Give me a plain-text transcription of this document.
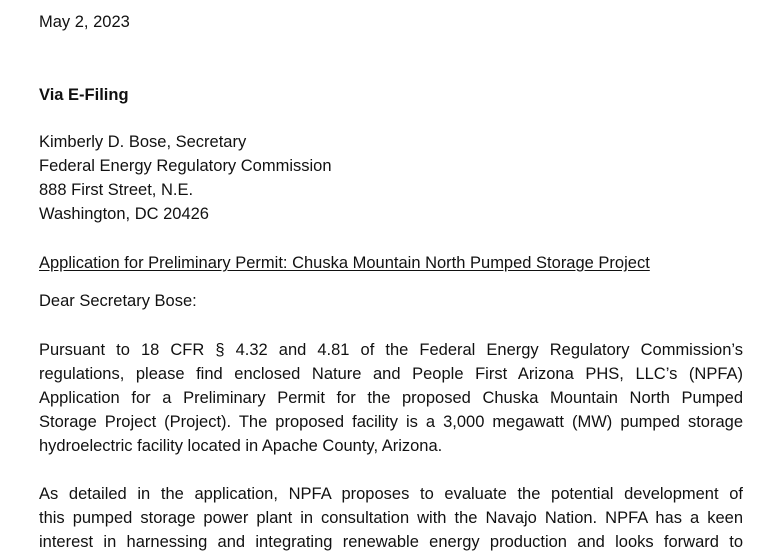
May 2, 2023
Via E-Filing
Kimberly D. Bose, Secretary
Federal Energy Regulatory Commission
888 First Street, N.E.
Washington, DC 20426
Application for Preliminary Permit: Chuska Mountain North Pumped Storage Project
Dear Secretary Bose:
Pursuant to 18 CFR § 4.32 and 4.81 of the Federal Energy Regulatory Commission’s
regulations, please find enclosed Nature and People First Arizona PHS, LLC’s (NPFA)
Application for a Preliminary Permit for the proposed Chuska Mountain North Pumped
Storage Project (Project). The proposed facility is a 3,000 megawatt (MW) pumped storage
hydroelectric facility located in Apache County, Arizona.
As detailed in the application, NPFA proposes to evaluate the potential development of
this pumped storage power plant in consultation with the Navajo Nation. NPFA has a keen
interest in harnessing and integrating renewable energy production and looks forward to
